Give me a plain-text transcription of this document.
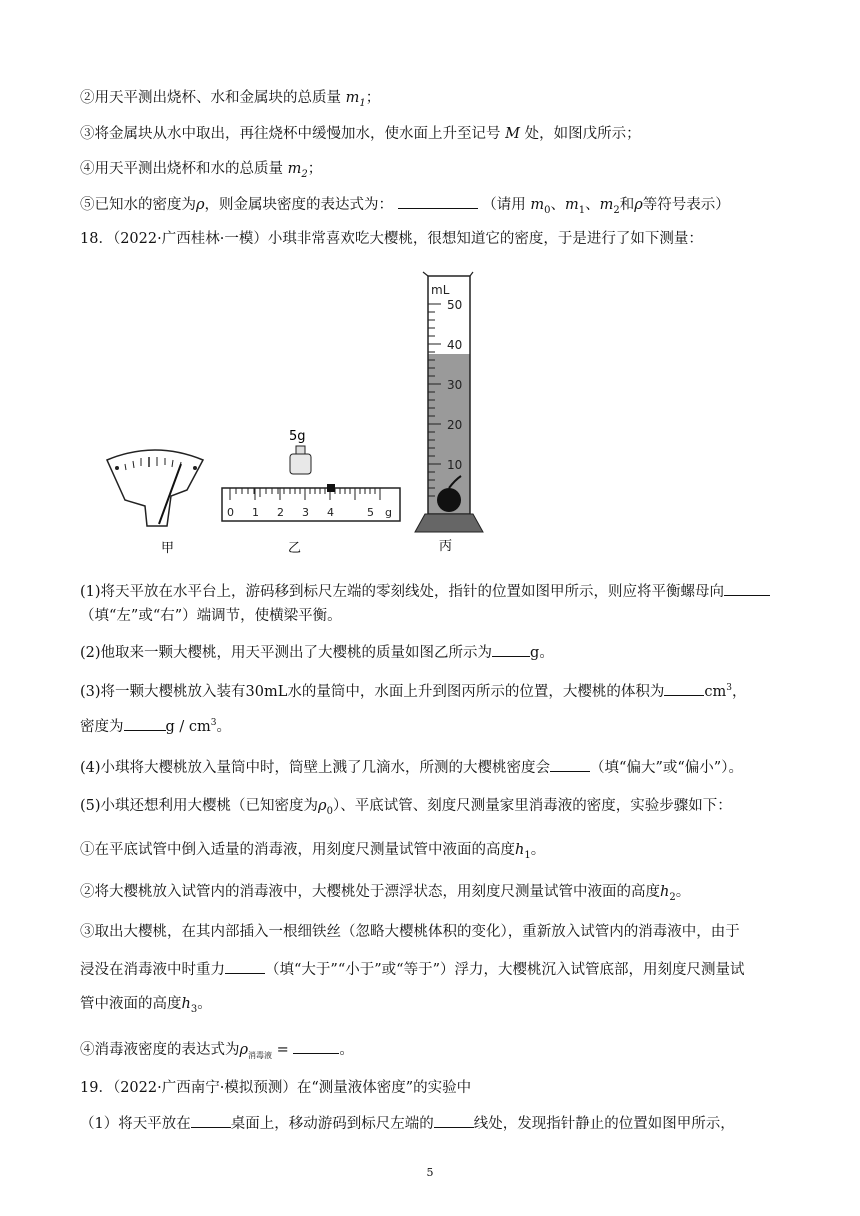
②用天平测出烧杯、水和金属块的总质量 $m_1$；
③将金属块从水中取出，再往烧杯中缓慢加水，使水面上升至记号 M 处，如图戊所示；
④用天平测出烧杯和水的总质量 $m_2$；
⑤已知水的密度为ρ，则金属块密度的表达式为：	（请用 $m_0$、$m_1$、$m_2$和ρ等符号表示）
18．（2022·广西桂林·一模）小琪非常喜欢吃大樱桃，很想知道它的密度，于是进行了如下测量：
甲
5g
0 1 2 3 4	5 g
乙
mL
50
40
30
20
10
丙
(1)将天平放在水平台上，游码移到标尺左端的零刻线处，指针的位置如图甲所示，则应将平衡螺母向
（填“左”或“右”）端调节，使横梁平衡。
(2)他取来一颗大樱桃，用天平测出了大樱桃的质量如图乙所示为	g。
(3)将一颗大樱桃放入装有30mL水的量筒中，水面上升到图丙所示的位置，大樱桃的体积为	$cm^3$，
密度为	g / $cm^3$。
(4)小琪将大樱桃放入量筒中时，筒壁上溅了几滴水，所测的大樱桃密度会	（填“偏大”或“偏小”）。
(5)小琪还想利用大樱桃（已知密度为$\rho_0$）、平底试管、刻度尺测量家里消毒液的密度，实验步骤如下：
①在平底试管中倒入适量的消毒液，用刻度尺测量试管中液面的高度$h_1$。
②将大樱桃放入试管内的消毒液中，大樱桃处于漂浮状态，用刻度尺测量试管中液面的高度$h_2$。
③取出大樱桃，在其内部插入一根细铁丝（忽略大樱桃体积的变化），重新放入试管内的消毒液中，由于
浸没在消毒液中时重力	（填“大于”“小于”或“等于”）浮力，大樱桃沉入试管底部，用刻度尺测量试
管中液面的高度$h_3$。
④消毒液密度的表达式为$\rho_{消毒液}$ =	。
19．（2022·广西南宁·模拟预测）在“测量液体密度”的实验中
（1）将天平放在	桌面上，移动游码到标尺左端的	线处，发现指针静止的位置如图甲所示，
5
